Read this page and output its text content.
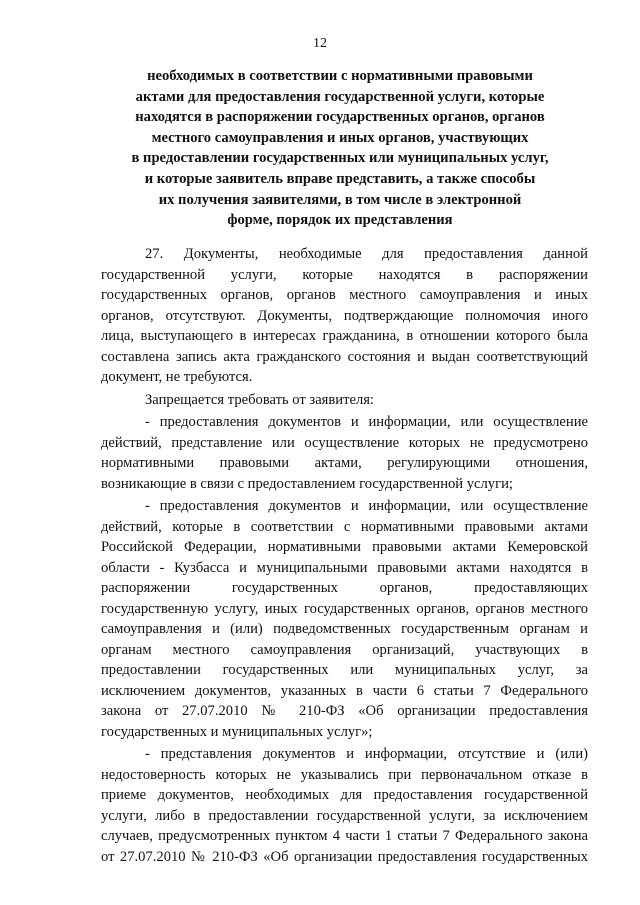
12
необходимых в соответствии с нормативными правовыми
актами для предоставления государственной услуги, которые
находятся в распоряжении государственных органов, органов
местного самоуправления и иных органов, участвующих
в предоставлении государственных или муниципальных услуг,
и которые заявитель вправе представить, а также способы
их получения заявителями, в том числе в электронной
форме, порядок их представления
27.   Документы,   необходимые   для   предоставления   данной
государственной услуги, которые находятся в распоряжении
государственных органов, органов местного самоуправления и иных
органов, отсутствуют. Документы, подтверждающие полномочия иного
лица, выступающего в интересах гражданина, в отношении которого была
составлена запись акта гражданского состояния и выдан соответствующий
документ, не требуются.
Запрещается требовать от заявителя:
- предоставления документов и информации, или осуществление
действий, представление или осуществление которых не предусмотрено
нормативными правовыми актами, регулирующими отношения,
возникающие в связи с предоставлением государственной услуги;
- предоставления документов и информации, или осуществление
действий, которые в соответствии с нормативными правовыми актами
Российской Федерации, нормативными правовыми актами Кемеровской
области - Кузбасса и муниципальными правовыми актами находятся в
распоряжении государственных органов, предоставляющих
государственную услугу, иных государственных органов, органов местного
самоуправления и (или) подведомственных государственным органам и
органам местного самоуправления организаций, участвующих в
предоставлении государственных или муниципальных услуг, за
исключением документов, указанных в части 6 статьи 7 Федерального
закона от 27.07.2010 № 210-ФЗ «Об организации предоставления
государственных и муниципальных услуг»;
- представления документов и информации, отсутствие и (или)
недостоверность которых не указывались при первоначальном отказе в
приеме документов, необходимых для предоставления государственной
услуги, либо в предоставлении государственной услуги, за исключением
случаев, предусмотренных пунктом 4 части 1 статьи 7 Федерального закона
от 27.07.2010 № 210-ФЗ «Об организации предоставления государственных
